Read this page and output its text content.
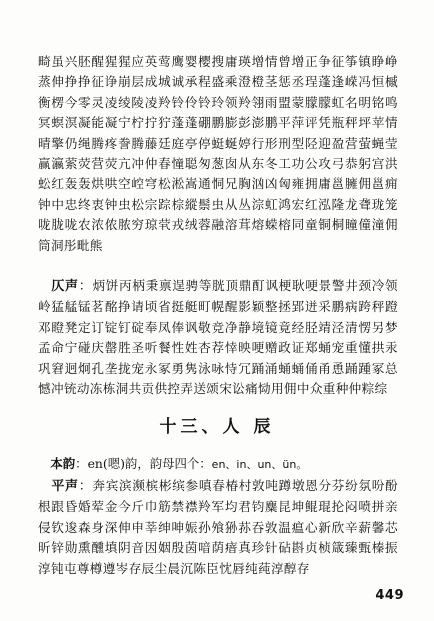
畸虽兴胚醒猩猩应英莺鹰婴樱搜庸瑛增情曾增正争征筝镇睁峥蒸伸挣挣征诤崩层成城诚承程盛乘澄橙茎惩丞珵蓬逢嵘冯恒槭衡楞今零灵凌绫陵凌羚铃伶铃玲领羚翎雨盟蒙朦朦虹名明铭鸣冥螟溟凝能凝宁柠拧狞蓬蓬硼鹏膨彭澎鹏平萍评凭瓶秤坪苹情晴擎仍绳腾疼誊腾藤廷庭亭停蜓蜒婷行形刑型陉迎盈营萤蝇莹赢瀛萦荧营荧亢冲仲春憧聪匆葱囱从东冬工功公攻弓恭躬宫洪蚣红轰轰烘哄空崆穹松淞嵩通恫兄胸汹凶匈雍拥庸邕臃佣邕痈钟中忠终衷钟虫松宗踪棕縱鬃虫从丛淙虹鸿宏红泓隆龙聋珑笼咙胧咙农浓侬脓穷琼茕戎绒蓉融溶茸熔蝾榕同童铜桐瞳僮潼佣筒洞彤毗熊

　仄声 ： 炳饼丙柄秉禀逞骋等胱顶鼎酊讽梗耿哽景警井颈冷领岭猛艋锰茗酩挣请顷省挺艇町幌醒影颖整拯郢迸采鹏病跨秤蹬邓瞪凳定订锭钉碇奉凤俸讽敬竞净静境镜竟经胫靖泾清愣另梦孟命宁碰庆罄胜圣听餐性姓杏荐悻映哽赠政证郑蛹宠重懂拱汞巩窘迥炯孔垄拢宠永冢勇隽泳咏恃冗踊涌蛹蛹俑甬恿踊踵冢总憾冲铳动冻栋洞共贡供控弄送颂宋讼痛恸用佣中众重种仲粽综

十三、人 辰
　本韵 ： en(嗯)韵，韵母四个：en、in、un、ün。

　平声 ： 奔宾滨濒槟彬缤参嗔春椿村敦吨蹲墩恩分芬纷氛吩酚根跟昏婚荤金今斤巾筋禁襟羚军均君钧麋昆坤鲲琨抡闷喷拼亲侵钦逡森身深伸申莘绅呻娠孙飧狲荪吞敦温瘟心新欣辛薪馨芯昕锌勋熏醺填阴音因姻殷茵喑荫瘖真珍针砧斟贞桢箴臻甄榛振淳钝屯尊樽遵岑存辰尘晨沉陈臣忱唇纯莼淳醇存

449
